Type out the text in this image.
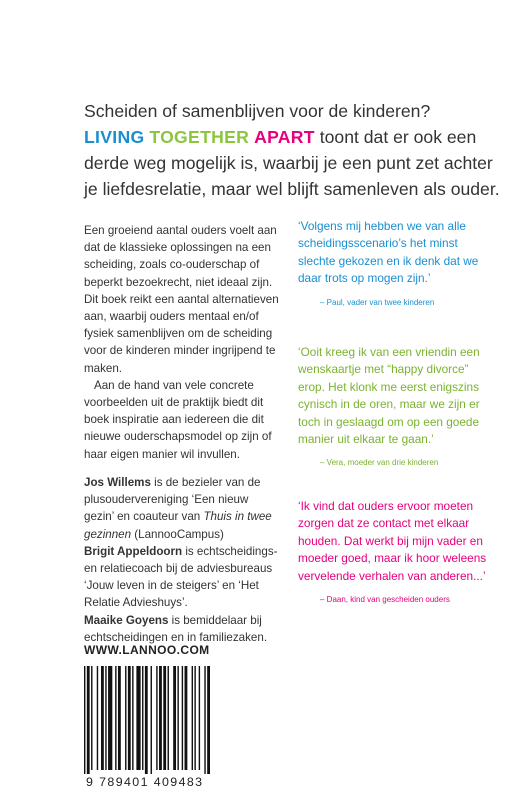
Scheiden of samenblijven voor de kinderen?
LIVING TOGETHER APART toont dat er ook een derde weg mogelijk is, waarbij je een punt zet achter je liefdesrelatie, maar wel blijft samenleven als ouder.

Een groeiend aantal ouders voelt aan dat de klassieke oplossingen na een scheiding, zoals co-ouderschap of beperkt bezoekrecht, niet ideaal zijn. Dit boek reikt een aantal alternatieven aan, waarbij ouders mentaal en/of fysiek samenblijven om de scheiding voor de kinderen minder ingrijpend te maken.

Aan de hand van vele concrete voorbeelden uit de praktijk biedt dit boek inspiratie aan iedereen die dit nieuwe ouderschapsmodel op zijn of haar eigen manier wil invullen.

Jos Willems is de bezieler van de plusoudervereniging ‘Een nieuw gezin’ en coauteur van Thuis in twee gezinnen (LannooCampus)

Brigit Appeldoorn is echtscheidings- en relatiecoach bij de adviesbureaus ‘Jouw leven in de steigers’ en ‘Het Relatie Advieshuys’.

Maaike Goyens is bemiddelaar bij echtscheidingen en in familiezaken.

‘Volgens mij hebben we van alle scheidingsscenario’s het minst slechte gekozen en ik denk dat we daar trots op mogen zijn.’
– Paul, vader van twee kinderen
‘Ooit kreeg ik van een vriendin een wenskaartje met “happy divorce” erop. Het klonk me eerst enigszins cynisch in de oren, maar we zijn er toch in geslaagd om op een goede manier uit elkaar te gaan.’
– Vera, moeder van drie kinderen
‘Ik vind dat ouders ervoor moeten zorgen dat ze contact met elkaar houden. Dat werkt bij mijn vader en moeder goed, maar ik hoor weleens vervelende verhalen van anderen...’
– Daan, kind van gescheiden ouders
WWW.LANNOO.COM
9 789401 409483
